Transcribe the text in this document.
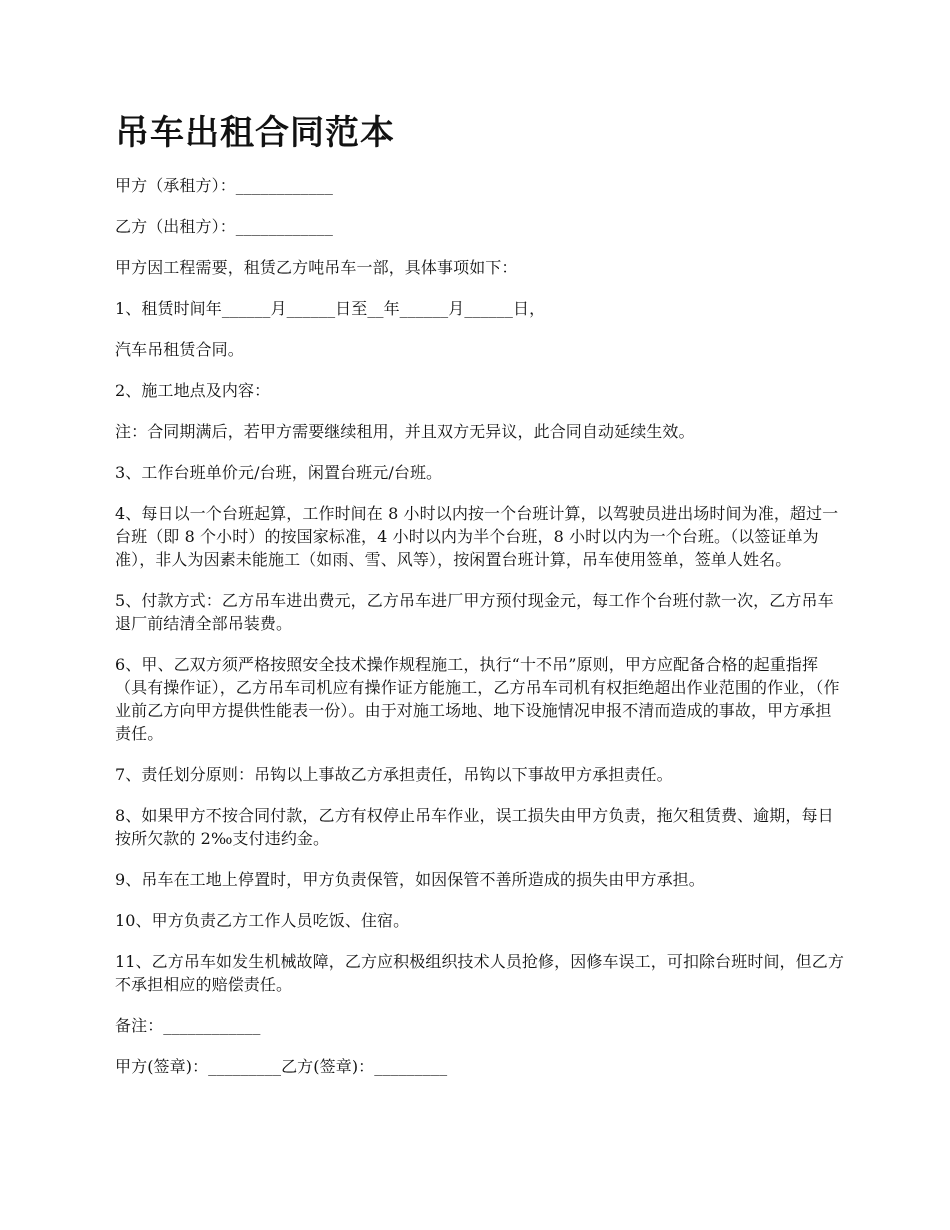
吊车出租合同范本

甲方（承租方）：____________

乙方（出租方）：____________

甲方因工程需要，租赁乙方吨吊车一部，具体事项如下：

1、租赁时间年______月______日至__年______月______日，

汽车吊租赁合同。

2、施工地点及内容：

注：合同期满后，若甲方需要继续租用，并且双方无异议，此合同自动延续生效。

3、工作台班单价元/台班，闲置台班元/台班。

4、每日以一个台班起算，工作时间在 8 小时以内按一个台班计算，以驾驶员进出场时间为准，超过一台班（即 8 个小时）的按国家标准，4 小时以内为半个台班，8 小时以内为一个台班。（以签证单为准），非人为因素未能施工（如雨、雪、风等），按闲置台班计算，吊车使用签单，签单人姓名。

5、付款方式：乙方吊车进出费元，乙方吊车进厂甲方预付现金元，每工作个台班付款一次，乙方吊车退厂前结清全部吊装费。

6、甲、乙双方须严格按照安全技术操作规程施工，执行“十不吊”原则，甲方应配备合格的起重指挥（具有操作证），乙方吊车司机应有操作证方能施工，乙方吊车司机有权拒绝超出作业范围的作业，（作业前乙方向甲方提供性能表一份）。由于对施工场地、地下设施情况申报不清而造成的事故，甲方承担责任。

7、责任划分原则：吊钩以上事故乙方承担责任，吊钩以下事故甲方承担责任。

8、如果甲方不按合同付款，乙方有权停止吊车作业，误工损失由甲方负责，拖欠租赁费、逾期，每日按所欠款的 2‰支付违约金。

9、吊车在工地上停置时，甲方负责保管，如因保管不善所造成的损失由甲方承担。

10、甲方负责乙方工作人员吃饭、住宿。

11、乙方吊车如发生机械故障，乙方应积极组织技术人员抢修，因修车误工，可扣除台班时间，但乙方不承担相应的赔偿责任。

备注：____________

甲方(签章)：_________乙方(签章)：_________
